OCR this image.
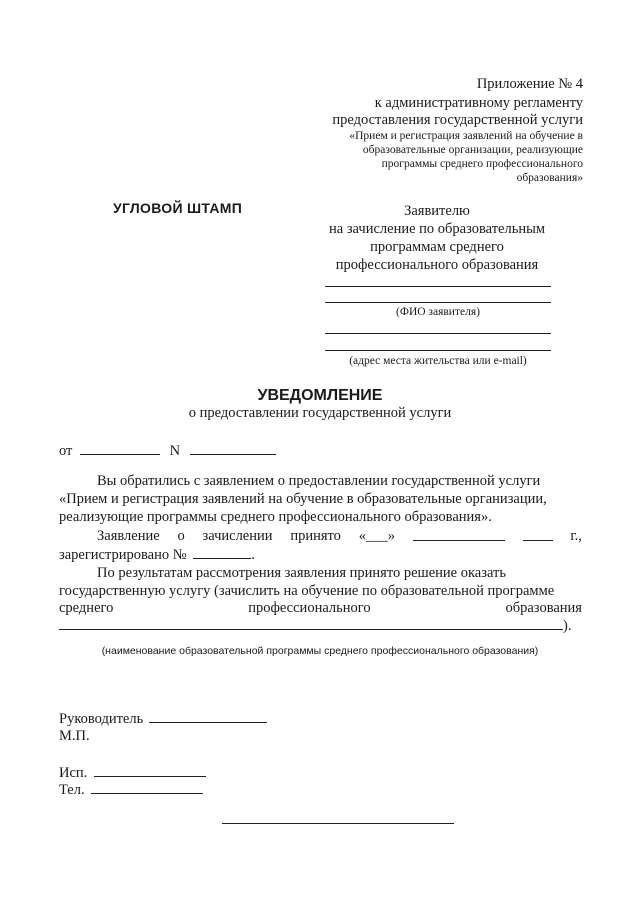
Приложение № 4
к административному регламенту
предоставления государственной услуги
«Прием и регистрация заявлений на обучение в
образовательные организации, реализующие
программы среднего профессионального
образования»
УГЛОВОЙ ШТАМП	Заявителю
на зачисление по образовательным
программам среднего
профессионального образования
(ФИО заявителя)
(адрес места жительства или e-mail)
УВЕДОМЛЕНИЕ
о предоставлении государственной услуги
от	N
Вы обратились с заявлением о предоставлении государственной услуги
«Прием и регистрация заявлений на обучение в образовательные организации,
реализующие программы среднего профессионального образования».
Заявление о зачислении принято «___»	г.,
зарегистрировано №	.
По результатам рассмотрения заявления принято решение оказать
государственную услугу (зачислить на обучение по образовательной программе
среднего	профессионального	образования
).
(наименование образовательной программы среднего профессионального образования)
Руководитель
М.П.
Исп.
Тел.
